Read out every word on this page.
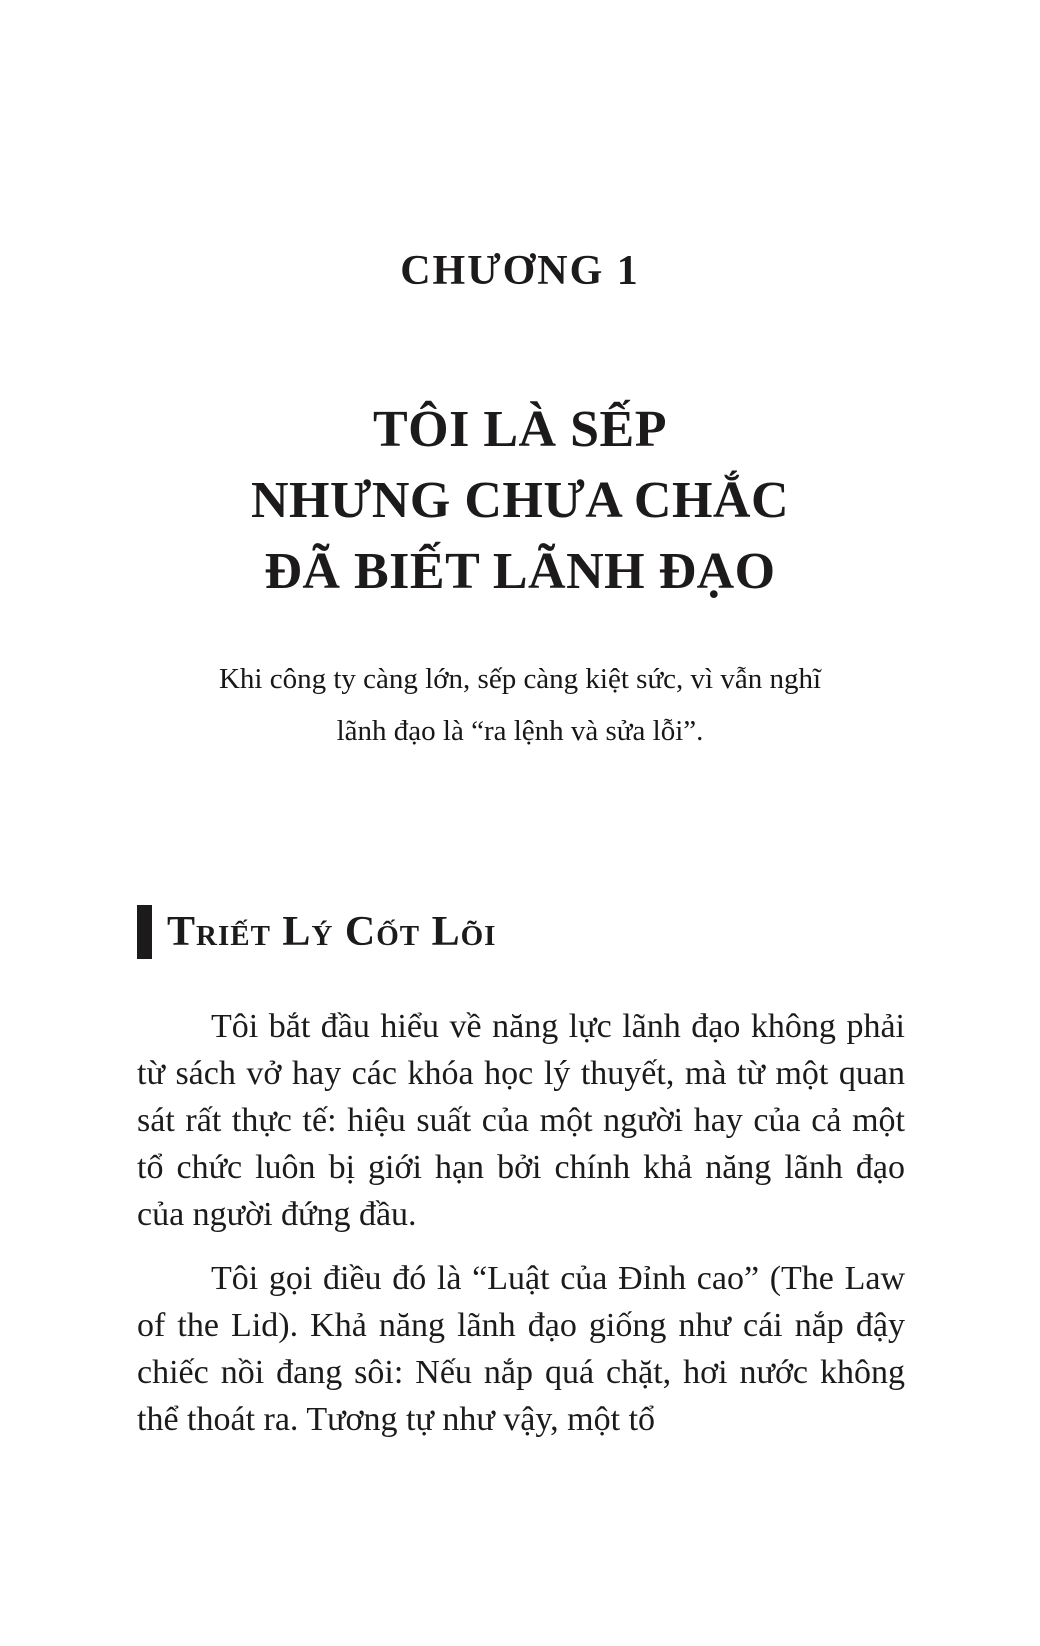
CHƯƠNG 1
TÔI LÀ SẾP
NHƯNG CHƯA CHẮC
ĐÃ BIẾT LÃNH ĐẠO
Khi công ty càng lớn, sếp càng kiệt sức, vì vẫn nghĩ
lãnh đạo là “ra lệnh và sửa lỗi”.
Triết Lý Cốt Lõi

Tôi bắt đầu hiểu về năng lực lãnh đạo không phải từ sách vở hay các khóa học lý thuyết, mà từ một quan sát rất thực tế: hiệu suất của một người hay của cả một tổ chức luôn bị giới hạn bởi chính khả năng lãnh đạo của người đứng đầu.

Tôi gọi điều đó là “Luật của Đỉnh cao” (The Law of the Lid). Khả năng lãnh đạo giống như cái nắp đậy chiếc nồi đang sôi: Nếu nắp quá chặt, hơi nước không thể thoát ra. Tương tự như vậy, một tổ
